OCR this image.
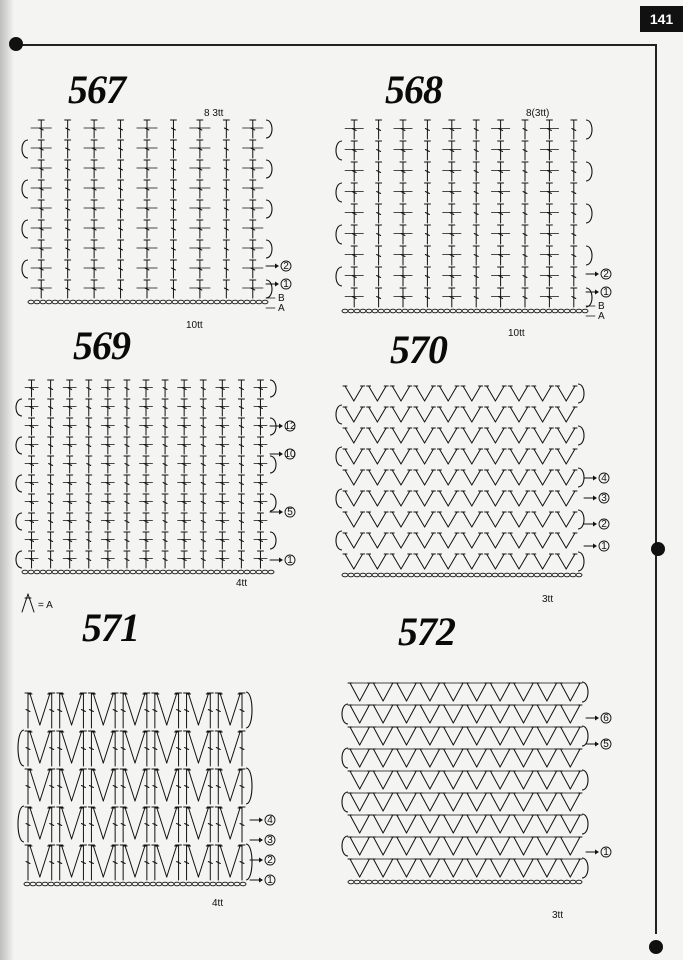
141
567	568
569	570
571	572
2
1
B
A
10tt
8 3tt
2
1
B
A
10tt
8(3tt)
12
10
5
1
4tt
= A
4
3
2
1
3tt
4
3
2
1
4tt
6
5
1
3tt
